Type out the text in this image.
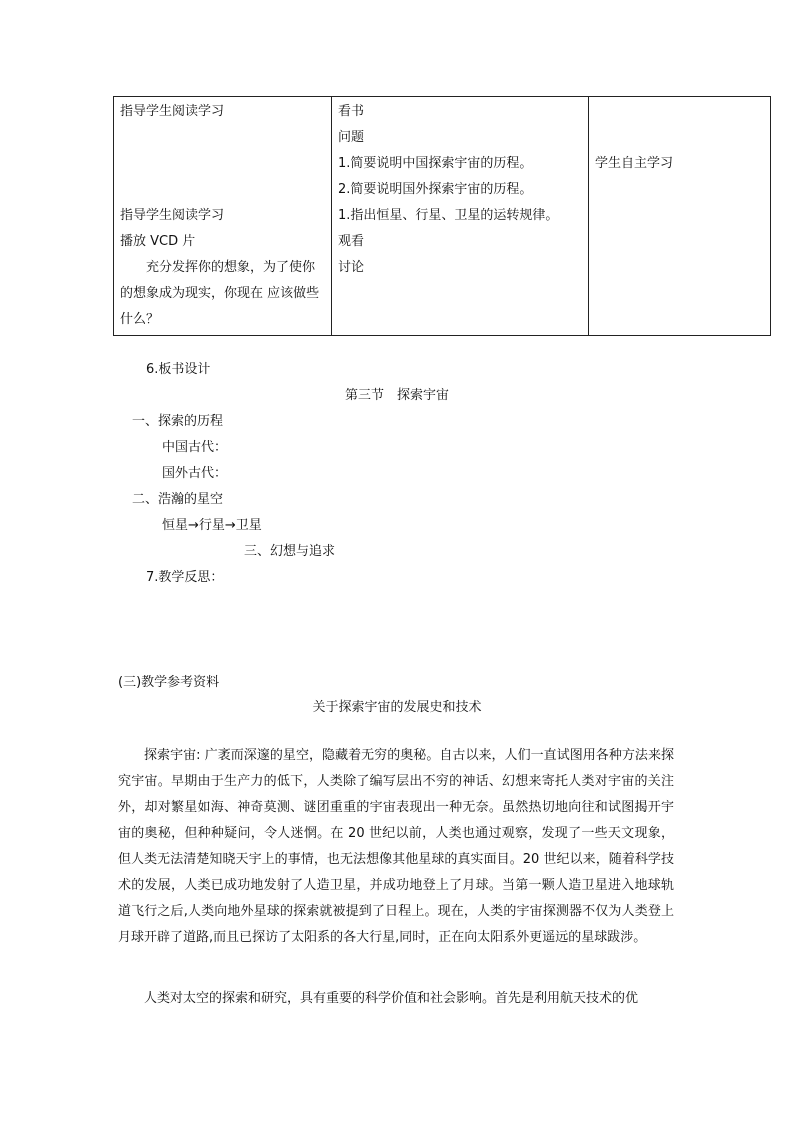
指导学生阅读学习
指导学生阅读学习
播放 VCD 片
充分发挥你的想象，为了使你的想象成为现实，你现在 应该做些什么？

看书
问题
1.简要说明中国探索宇宙的历程。
2.简要说明国外探索宇宙的历程。
1.指出恒星、行星、卫星的运转规律。
观看
讨论

学生自主学习
6.板书设计
第三节　探索宇宙
一、探索的历程
中国古代：
国外古代：
二、浩瀚的星空
恒星→行星→卫星
三、幻想与追求
7.教学反思：
(三)教学参考资料
关于探索宇宙的发展史和技术
探索宇宙: 广袤而深邃的星空，隐藏着无穷的奥秘。自古以来，人们一直试图用各种方法来探究宇宙。早期由于生产力的低下，人类除了编写层出不穷的神话、幻想来寄托人类对宇宙的关注外，却对繁星如海、神奇莫测、谜团重重的宇宙表现出一种无奈。虽然热切地向往和试图揭开宇宙的奥秘，但种种疑问，令人迷惘。在 20 世纪以前，人类也通过观察，发现了一些天文现象，但人类无法清楚知晓天宇上的事情，也无法想像其他星球的真实面目。20 世纪以来，随着科学技术的发展，人类已成功地发射了人造卫星，并成功地登上了月球。当第一颗人造卫星进入地球轨道飞行之后,人类向地外星球的探索就被提到了日程上。现在，人类的宇宙探测器不仅为人类登上月球开辟了道路,而且已探访了太阳系的各大行星,同时，正在向太阳系外更遥远的星球跋涉。
人类对太空的探索和研究，具有重要的科学价值和社会影响。首先是利用航天技术的优
